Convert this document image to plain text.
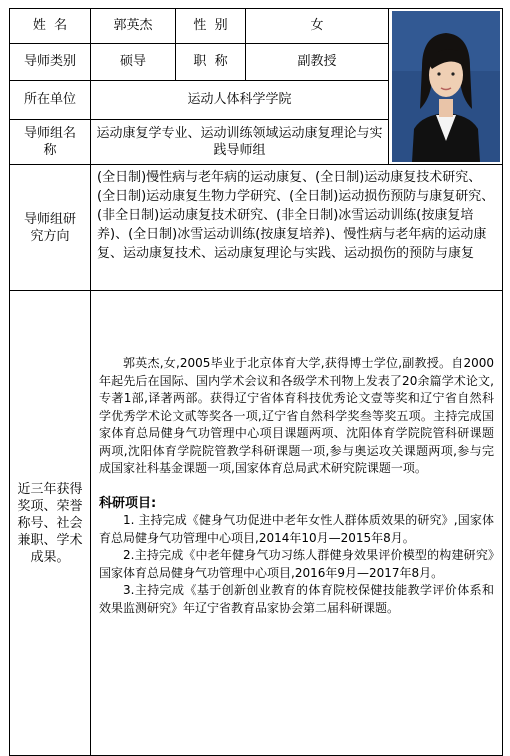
姓  名	郭英杰	性  别	女	

导师类别	硕导	职  称	副教授	
所在单位	运动人体科学学院			
导师组名称	运动康复学专业、运动训练领域运动康复理论与实践导师组			
导师组研究方向	(全日制)慢性病与老年病的运动康复、(全日制)运动康复技术研究、(全日制)运动康复生物力学研究、(全日制)运动损伤预防与康复研究、(非全日制)运动康复技术研究、(非全日制)冰雪运动训练(按康复培养)、(全日制)冰雪运动训练(按康复培养)、慢性病与老年病的运动康复、运动康复技术、运动康复理论与实践、运动损伤的预防与康复			
近三年获得奖项、荣誉称号、社会兼职、学术成果。	郭英杰,女,2005毕业于北京体育大学,获得博士学位,副教授。自2000年起先后在国际、国内学术会议和各级学术刊物上发表了20余篇学术论文,专著1部,译著两部。获得辽宁省体育科技优秀论文壹等奖和辽宁省自然科学优秀学术论文贰等奖各一项,辽宁省自然科学奖叁等奖五项。主持完成国家体育总局健身气功管理中心项目课题两项、沈阳体育学院院管科研课题两项,沈阳体育学院院管教学科研课题一项,参与奥运攻关课题两项,参与完成国家社科基金课题一项,国家体育总局武术研究院课题一项。

科研项目:

1. 主持完成《健身气功促进中老年女性人群体质效果的研究》,国家体育总局健身气功管理中心项目,2014年10月—2015年8月。

2.主持完成《中老年健身气功习练人群健身效果评价模型的构建研究》国家体育总局健身气功管理中心项目,2016年9月—2017年8月。

3.主持完成《基于创新创业教育的体育院校保健技能教学评价体系和效果监测研究》年辽宁省教育品家协会第二届科研课题。			
